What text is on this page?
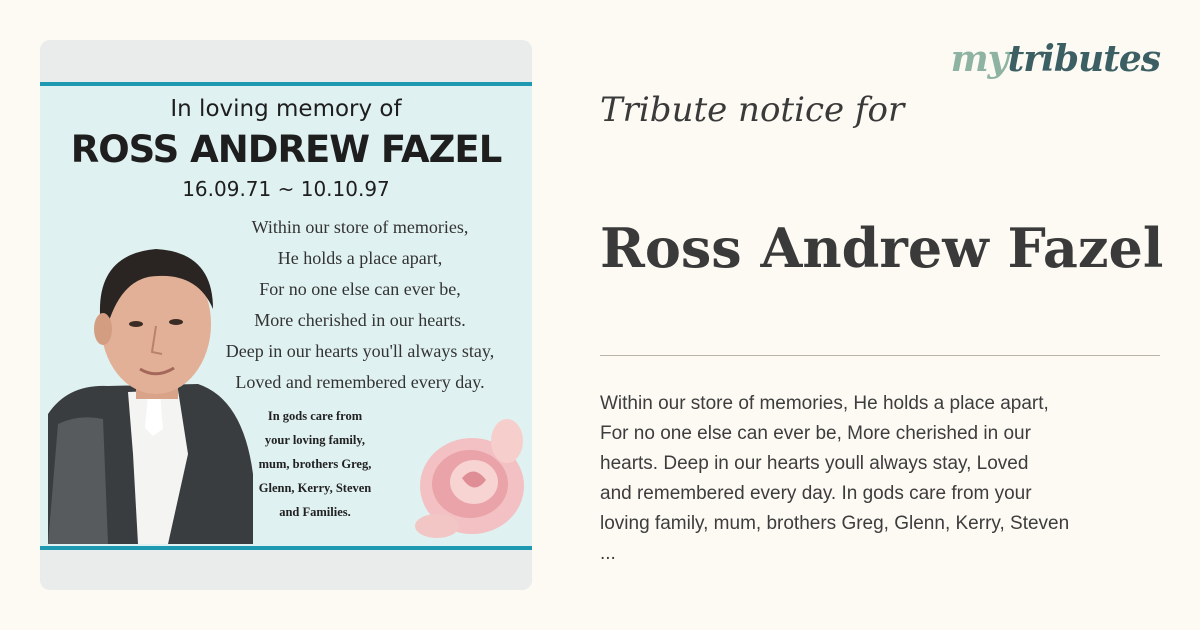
In loving memory of
ROSS ANDREW FAZEL
16.09.71 ~ 10.10.97
Within our store of memories,
He holds a place apart,
For no one else can ever be,
More cherished in our hearts.
Deep in our hearts you'll always stay,
Loved and remembered every day.
In gods care from
your loving family,
mum, brothers Greg,
Glenn, Kerry, Steven
and Families.
mytributes
Tribute notice for
Ross Andrew Fazel
Within our store of memories, He holds a place apart,
For no one else can ever be, More cherished in our
hearts. Deep in our hearts youll always stay, Loved
and remembered every day. In gods care from your
loving family, mum, brothers Greg, Glenn, Kerry, Steven
...
